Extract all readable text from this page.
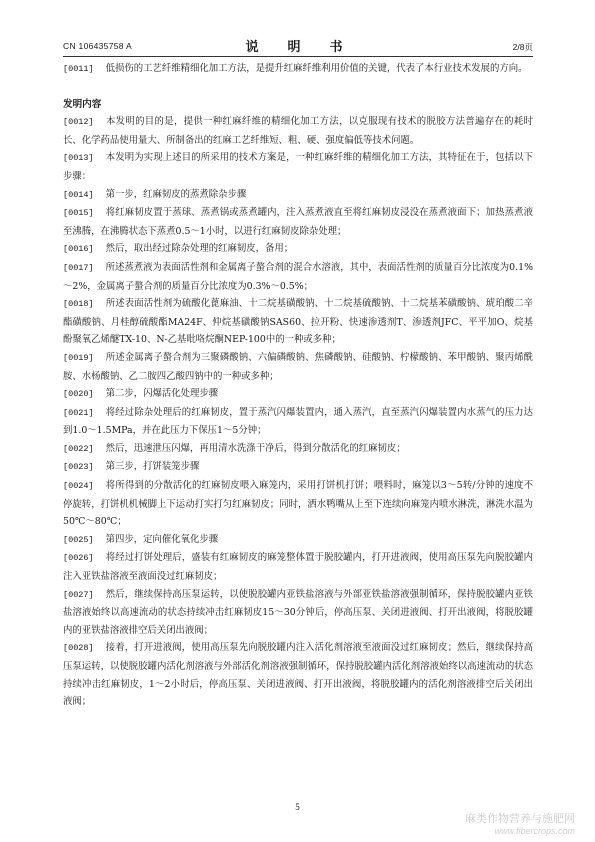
CN 106435758 A	说　明　书	2/8页

[0011] 低损伤的工艺纤维精细化加工方法，是提升红麻纤维利用价值的关键，代表了本行业技术发展的方向。

发明内容

[0012] 本发明的目的是，提供一种红麻纤维的精细化加工方法，以克服现有技术的脱胶方法普遍存在的耗时长、化学药品使用量大、所制备出的红麻工艺纤维短、粗、硬、强度偏低等技术问题。

[0013] 本发明为实现上述目的所采用的技术方案是，一种红麻纤维的精细化加工方法，其特征在于，包括以下步骤：

[0014] 第一步，红麻韧皮的蒸煮除杂步骤

[0015] 将红麻韧皮置于蒸球、蒸煮锅或蒸煮罐内，注入蒸煮液直至将红麻韧皮浸没在蒸煮液面下；加热蒸煮液至沸腾，在沸腾状态下蒸煮0.5～1小时，以进行红麻韧皮除杂处理；

[0016] 然后，取出经过除杂处理的红麻韧皮，备用；

[0017] 所述蒸煮液为表面活性剂和金属离子螯合剂的混合水溶液，其中，表面活性剂的质量百分比浓度为0.1%～2%，金属离子螯合剂的质量百分比浓度为0.3%～0.5%；

[0018] 所述表面活性剂为硫酸化蓖麻油、十二烷基磺酸钠、十二烷基硫酸钠、十二烷基苯磺酸钠、琥珀酸二辛酯磺酸钠、月桂醇硫酸酯MA24F、仲烷基磺酸钠SAS60、拉开粉、快速渗透剂T、渗透剂JFC、平平加O、烷基酚聚氧乙烯醚TX-10、N-乙基吡咯烷酮NEP-100中的一种或多种；

[0019] 所述金属离子螯合剂为三聚磷酸钠、六偏磷酸钠、焦磷酸钠、硅酸钠、柠檬酸钠、苯甲酸钠、聚丙烯酰胺、水杨酸钠、乙二胺四乙酸四钠中的一种或多种；

[0020] 第二步，闪爆活化处理步骤

[0021] 将经过除杂处理后的红麻韧皮，置于蒸汽闪爆装置内，通入蒸汽，直至蒸汽闪爆装置内水蒸气的压力达到1.0～1.5MPa，并在此压力下保压1～5分钟；

[0022] 然后，迅速泄压闪爆，再用清水洗涤干净后，得到分散活化的红麻韧皮；

[0023] 第三步，打饼装笼步骤

[0024] 将所得到的分散活化的红麻韧皮喂入麻笼内，采用打饼机打饼；喂料时，麻笼以3～5转/分钟的速度不停旋转，打饼机机械脚上下运动打实打匀红麻韧皮；同时，洒水鸭嘴从上至下连续向麻笼内喷水淋洗，淋洗水温为50℃～80℃；

[0025] 第四步，定向催化氧化步骤

[0026] 将经过打饼处理后，盛装有红麻韧皮的麻笼整体置于脱胶罐内，打开进液阀，使用高压泵先向脱胶罐内注入亚铁盐溶液至液面没过红麻韧皮；

[0027] 然后，继续保持高压泵运转，以使脱胶罐内亚铁盐溶液与外部亚铁盐溶液强制循环，保持脱胶罐内亚铁盐溶液始终以高速流动的状态持续冲击红麻韧皮15～30分钟后，停高压泵、关闭进液阀、打开出液阀，将脱胶罐内的亚铁盐溶液排空后关闭出液阀；

[0028] 接着，打开进液阀，使用高压泵先向脱胶罐内注入活化剂溶液至液面没过红麻韧皮；然后，继续保持高压泵运转，以使脱胶罐内活化剂溶液与外部活化剂溶液强制循环，保持脱胶罐内活化剂溶液始终以高速流动的状态持续冲击红麻韧皮，1～2小时后，停高压泵、关闭进液阀、打开出液阀，将脱胶罐内的活化剂溶液排空后关闭出液阀；

5
麻类作物营养与施肥网
www.fibercrops.com
